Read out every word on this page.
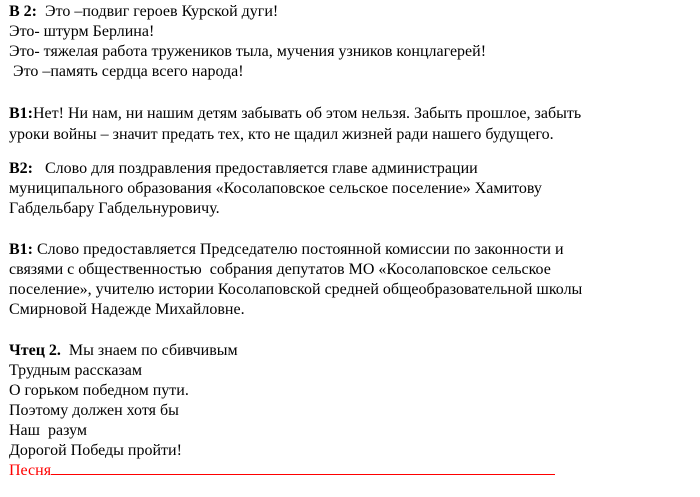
В 2: Это –подвиг героев Курской дуги!
Это- штурм Берлина!
Это- тяжелая работа тружеников тыла, мучения узников концлагерей!
Это –память сердца всего народа!
В1:Нет! Ни нам, ни нашим детям забывать об этом нельзя. Забыть прошлое, забыть
уроки войны – значит предать тех, кто не щадил жизней ради нашего будущего.
В2:   Слово для поздравления предоставляется главе администрации
муниципального образования «Косолаповское сельское поселение» Хамитову
Габдельбару Габдельнуровичу.
В1: Слово предоставляется Председателю постоянной комиссии по законности и
связями с общественностью  собрания депутатов МО «Косолаповское сельское
поселение», учителю истории Косолаповской средней общеобразовательной школы
Смирновой Надежде Михайловне.
Чтец 2.  Мы знаем по сбивчивым
Трудным рассказам
О горьком победном пути.
Поэтому должен хотя бы
Наш  разум
Дорогой Победы пройти!
Песня
